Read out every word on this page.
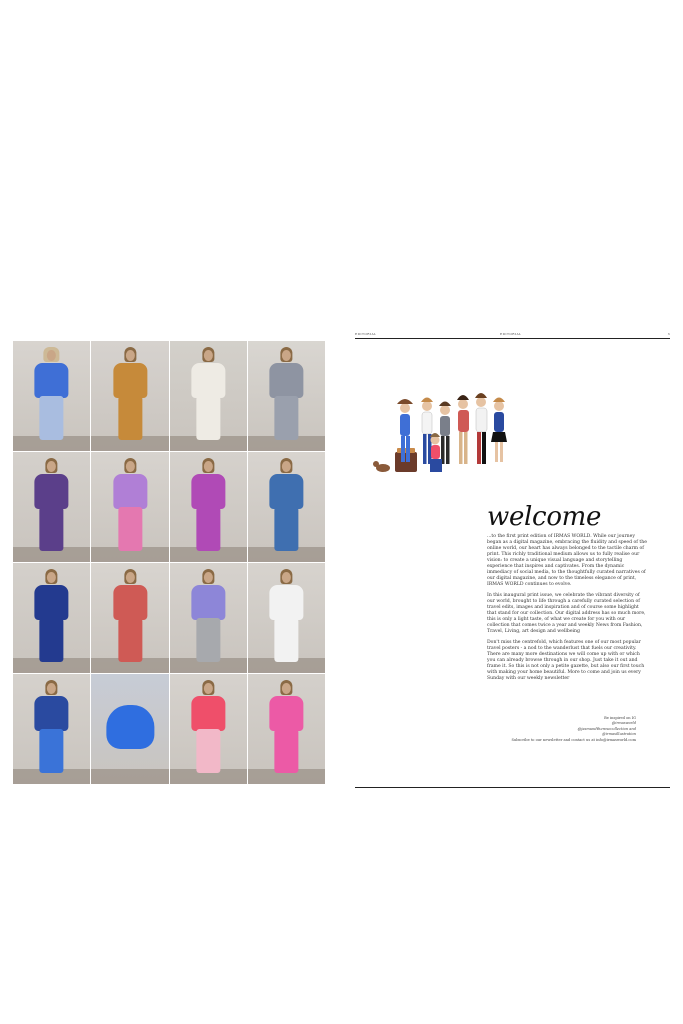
EDITORIAL	EDITORIAL	3
welcome

...to the first print edition of IRMAS WORLD. While our journey began as a digital magazine, embracing the fluidity and speed of the online world, our heart has always belonged to the tactile charm of print. This richly traditional medium allows us to fully realise our vision: to create a unique visual language and storytelling experience that inspires and captivates. From the dynamic immediacy of social media, to the thoughtfully curated narratives of our digital magazine, and now to the timeless elegance of print, IRMAS WORLD continues to evolve.

In this inaugural print issue, we celebrate the vibrant diversity of our world, brought to life through a carefully curated selection of travel edits, images and inspiration and of course some highlight that stand for our collection. Our digital address has so much more, this is only a light taste, of what we create for you with our collection that comes twice a year and weekly News from Fashion, Travel, Living, art design and wellbeing

Don't miss the centrefold, which features one of our most popular travel posters - a nod to the wanderlust that fuels our creativity. There are many more destinations we will come up with or which you can already browse through in our shop. Just take it out and frame it. So this is not only a petite gazette, but also our first touch with making your home beautiful. More to come and join us every Sunday with our weekly newsletter

Be inspired on IG
@irmasworld
@jasmundtheresecollection and
@irmasillustration
Subscribe to our newsletter and contact us at info@irmasworld.com
